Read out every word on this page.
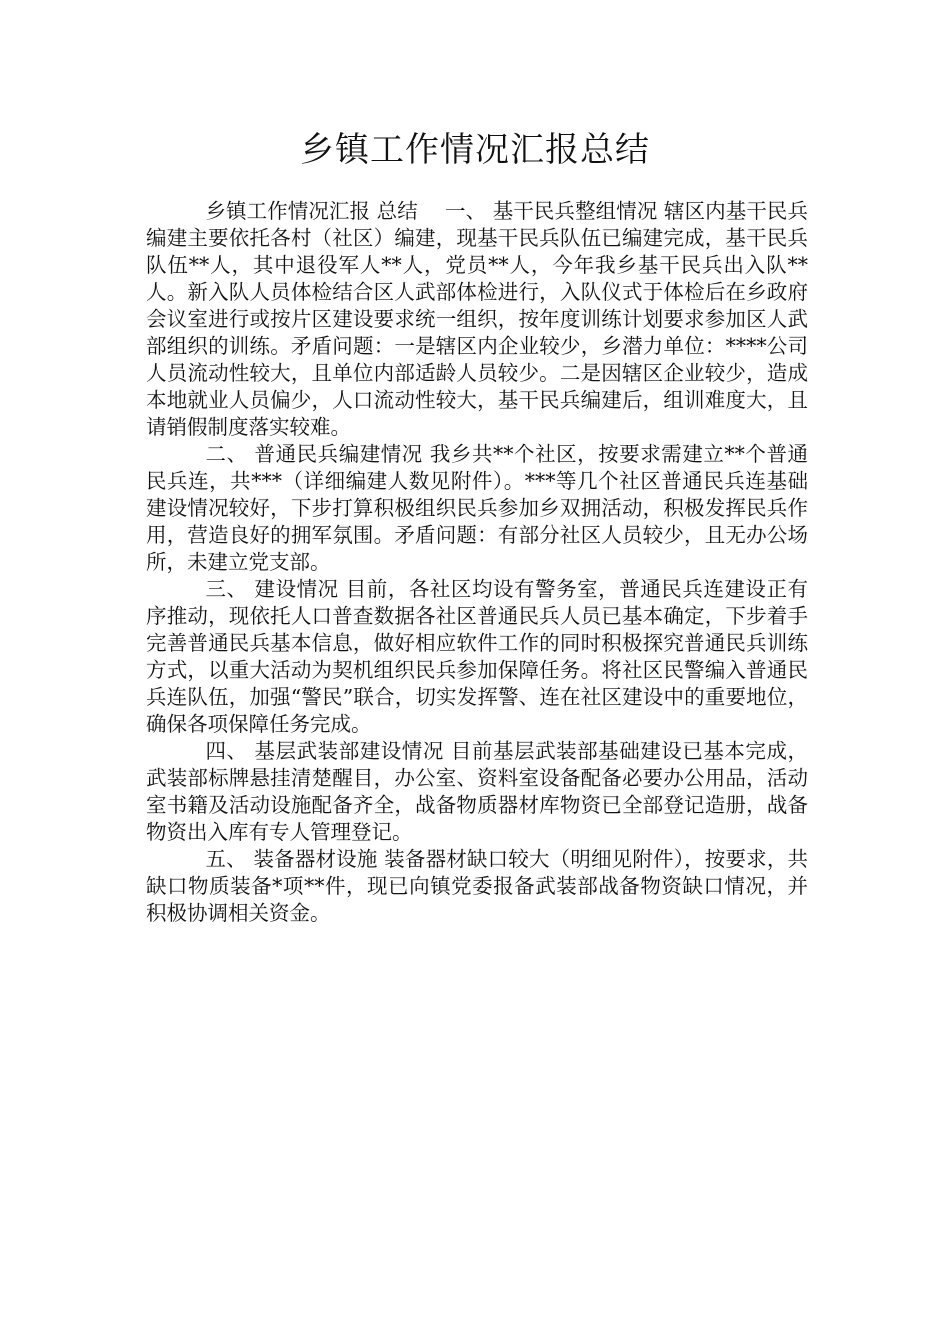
乡镇工作情况汇报总结

乡镇工作情况汇报 总结　 一、 基干民兵整组情况 辖区内基干民兵编建主要依托各村（社区）编建，现基干民兵队伍已编建完成，基干民兵队伍**人，其中退役军人**人，党员**人，今年我乡基干民兵出入队**人。新入队人员体检结合区人武部体检进行，入队仪式于体检后在乡政府会议室进行或按片区建设要求统一组织，按年度训练计划要求参加区人武部组织的训练。矛盾问题：一是辖区内企业较少，乡潜力单位：****公司人员流动性较大，且单位内部适龄人员较少。二是因辖区企业较少，造成本地就业人员偏少，人口流动性较大，基干民兵编建后，组训难度大，且请销假制度落实较难。

二、 普通民兵编建情况 我乡共**个社区，按要求需建立**个普通民兵连，共***（详细编建人数见附件）。***等几个社区普通民兵连基础建设情况较好，下步打算积极组织民兵参加乡双拥活动，积极发挥民兵作用，营造良好的拥军氛围。矛盾问题：有部分社区人员较少，且无办公场所，未建立党支部。

三、 建设情况 目前，各社区均设有警务室，普通民兵连建设正有序推动，现依托人口普查数据各社区普通民兵人员已基本确定，下步着手完善普通民兵基本信息，做好相应软件工作的同时积极探究普通民兵训练方式，以重大活动为契机组织民兵参加保障任务。将社区民警编入普通民兵连队伍，加强“警民”联合，切实发挥警、连在社区建设中的重要地位，确保各项保障任务完成。

四、 基层武装部建设情况 目前基层武装部基础建设已基本完成，武装部标牌悬挂清楚醒目，办公室、资料室设备配备必要办公用品，活动室书籍及活动设施配备齐全，战备物质器材库物资已全部登记造册，战备物资出入库有专人管理登记。

五、 装备器材设施 装备器材缺口较大（明细见附件），按要求，共缺口物质装备*项**件，现已向镇党委报备武装部战备物资缺口情况，并积极协调相关资金。
